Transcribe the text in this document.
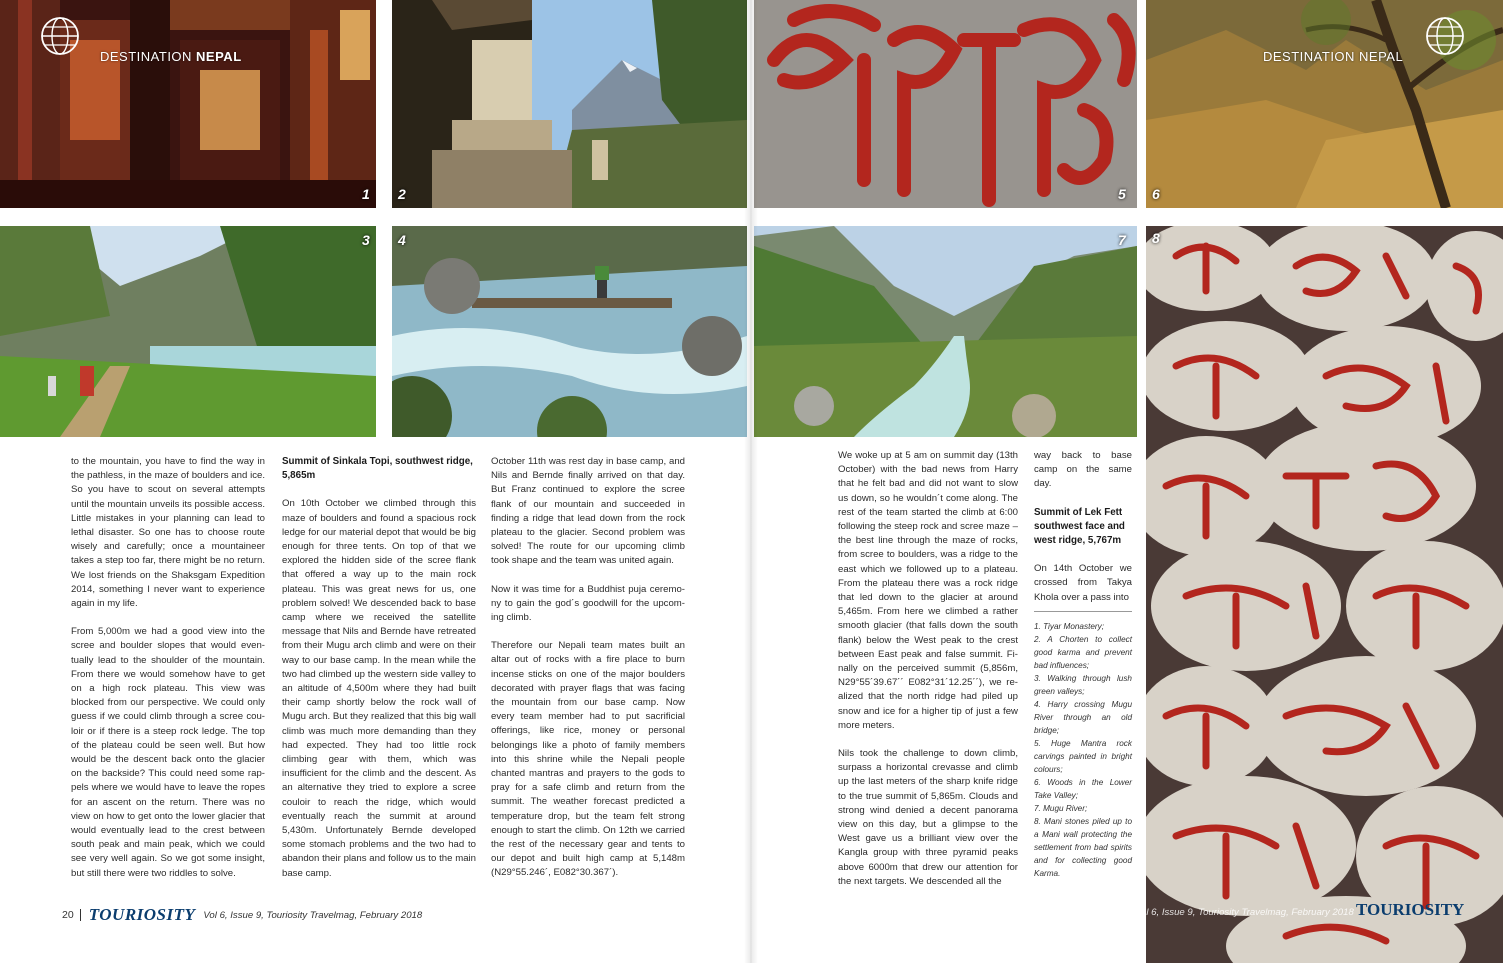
1 2	5 6
3 4	7 8
DESTINATION NEPAL	DESTINATION NEPAL

to the mountain, you have to find the way in the pathless, in the maze of boulders and ice. So you have to scout on several attempts until the mountain unveils its possible access. Little mistakes in your planning can lead to lethal disaster. So one has to choose route wisely and carefully; once a mountaineer takes a step too far, there might be no return. We lost friends on the Shaksgam Expedition 2014, something I never want to experience again in my life.

From 5,000m we had a good view into the scree and boulder slopes that would eventually lead to the shoulder of the mountain. From there we would somehow have to get on a high rock plateau. This view was blocked from our perspective. We could only guess if we could climb through a scree couloir or if there is a steep rock ledge. The top of the plateau could be seen well. But how would be the descent back onto the glacier on the backside? This could need some rappels where we would have to leave the ropes for an ascent on the return. There was no view on how to get onto the lower glacier that would eventually lead to the crest between south peak and main peak, which we could see very well again. So we got some insight, but still there were two riddles to solve.

Summit of Sinkala Topi, southwest ridge, 5,865m

On 10th October we climbed through this maze of boulders and found a spacious rock ledge for our material depot that would be big enough for three tents. On top of that we explored the hidden side of the scree flank that offered a way up to the main rock plateau. This was great news for us, one problem solved! We descended back to base camp where we received the satellite message that Nils and Bernde have retreated from their Mugu arch climb and were on their way to our base camp. In the mean while the two had climbed up the western side valley to an altitude of 4,500m where they had built their camp shortly below the rock wall of Mugu arch. But they realized that this big wall climb was much more demanding than they had expected. They had too little rock climbing gear with them, which was insufficient for the climb and the descent. As an alternative they tried to explore a scree couloir to reach the ridge, which would eventually reach the summit at around 5,430m. Unfortunately Bernde developed some stomach problems and the two had to abandon their plans and follow us to the main base camp.

October 11th was rest day in base camp, and Nils and Bernde finally arrived on that day. But Franz continued to explore the scree flank of our mountain and succeeded in finding a ridge that lead down from the rock plateau to the glacier. Second problem was solved! The route for our upcoming climb took shape and the team was united again.

Now it was time for a Buddhist puja ceremony to gain the god´s goodwill for the upcoming climb.

Therefore our Nepali team mates built an altar out of rocks with a fire place to burn incense sticks on one of the major boulders decorated with prayer flags that was facing the mountain from our base camp. Now every team member had to put sacrificial offerings, like rice, money or personal belongings like a photo of family members into this shrine while the Nepali people chanted mantras and prayers to the gods to pray for a safe climb and return from the summit. The weather forecast predicted a temperature drop, but the team felt strong enough to start the climb. On 12th we carried the rest of the necessary gear and tents to our depot and built high camp at 5,148m (N29°55.246´, E082°30.367´).

We woke up at 5 am on summit day (13th October) with the bad news from Harry that he felt bad and did not want to slow us down, so he wouldn´t come along. The rest of the team started the climb at 6:00 following the steep rock and scree maze – the best line through the maze of rocks, from scree to boulders, was a ridge to the east which we followed up to a plateau. From the plateau there was a rock ridge that led down to the glacier at around 5,465m. From here we climbed a rather smooth glacier (that falls down the south flank) below the West peak to the crest between East peak and false summit. Finally on the perceived summit (5,856m, N29°55´39.67´´ E082°31´12.25´´), we realized that the north ridge had piled up snow and ice for a higher tip of just a few more meters.

Nils took the challenge to down climb, surpass a horizontal crevasse and climb up the last meters of the sharp knife ridge to the true summit of 5,865m. Clouds and strong wind denied a decent panorama view on this day, but a glimpse to the West gave us a brilliant view over the Kangla group with three pyramid peaks above 6000m that drew our attention for the next targets. We descended all the

way back to base camp on the same day.

Summit of Lek Fett southwest face and west ridge, 5,767m

On 14th October we crossed from Takya Khola over a pass into

1. Tiyar Monastery;
2. A Chorten to collect good karma and prevent bad influences;
3. Walking through lush green valleys;
4. Harry crossing Mugu River through an old bridge;
5. Huge Mantra rock carvings painted in bright colours;
6. Woods in the Lower Take Valley;
7. Mugu River;
8. Mani stones piled up to a Mani wall protecting the settlement from bad spirits and for collecting good Karma.
20 TOURIOSITY Vol 6, Issue 9, Touriosity Travelmag, February 2018	Vol 6, Issue 9, Touriosity Travelmag, February 2018 TOURIOSITY
